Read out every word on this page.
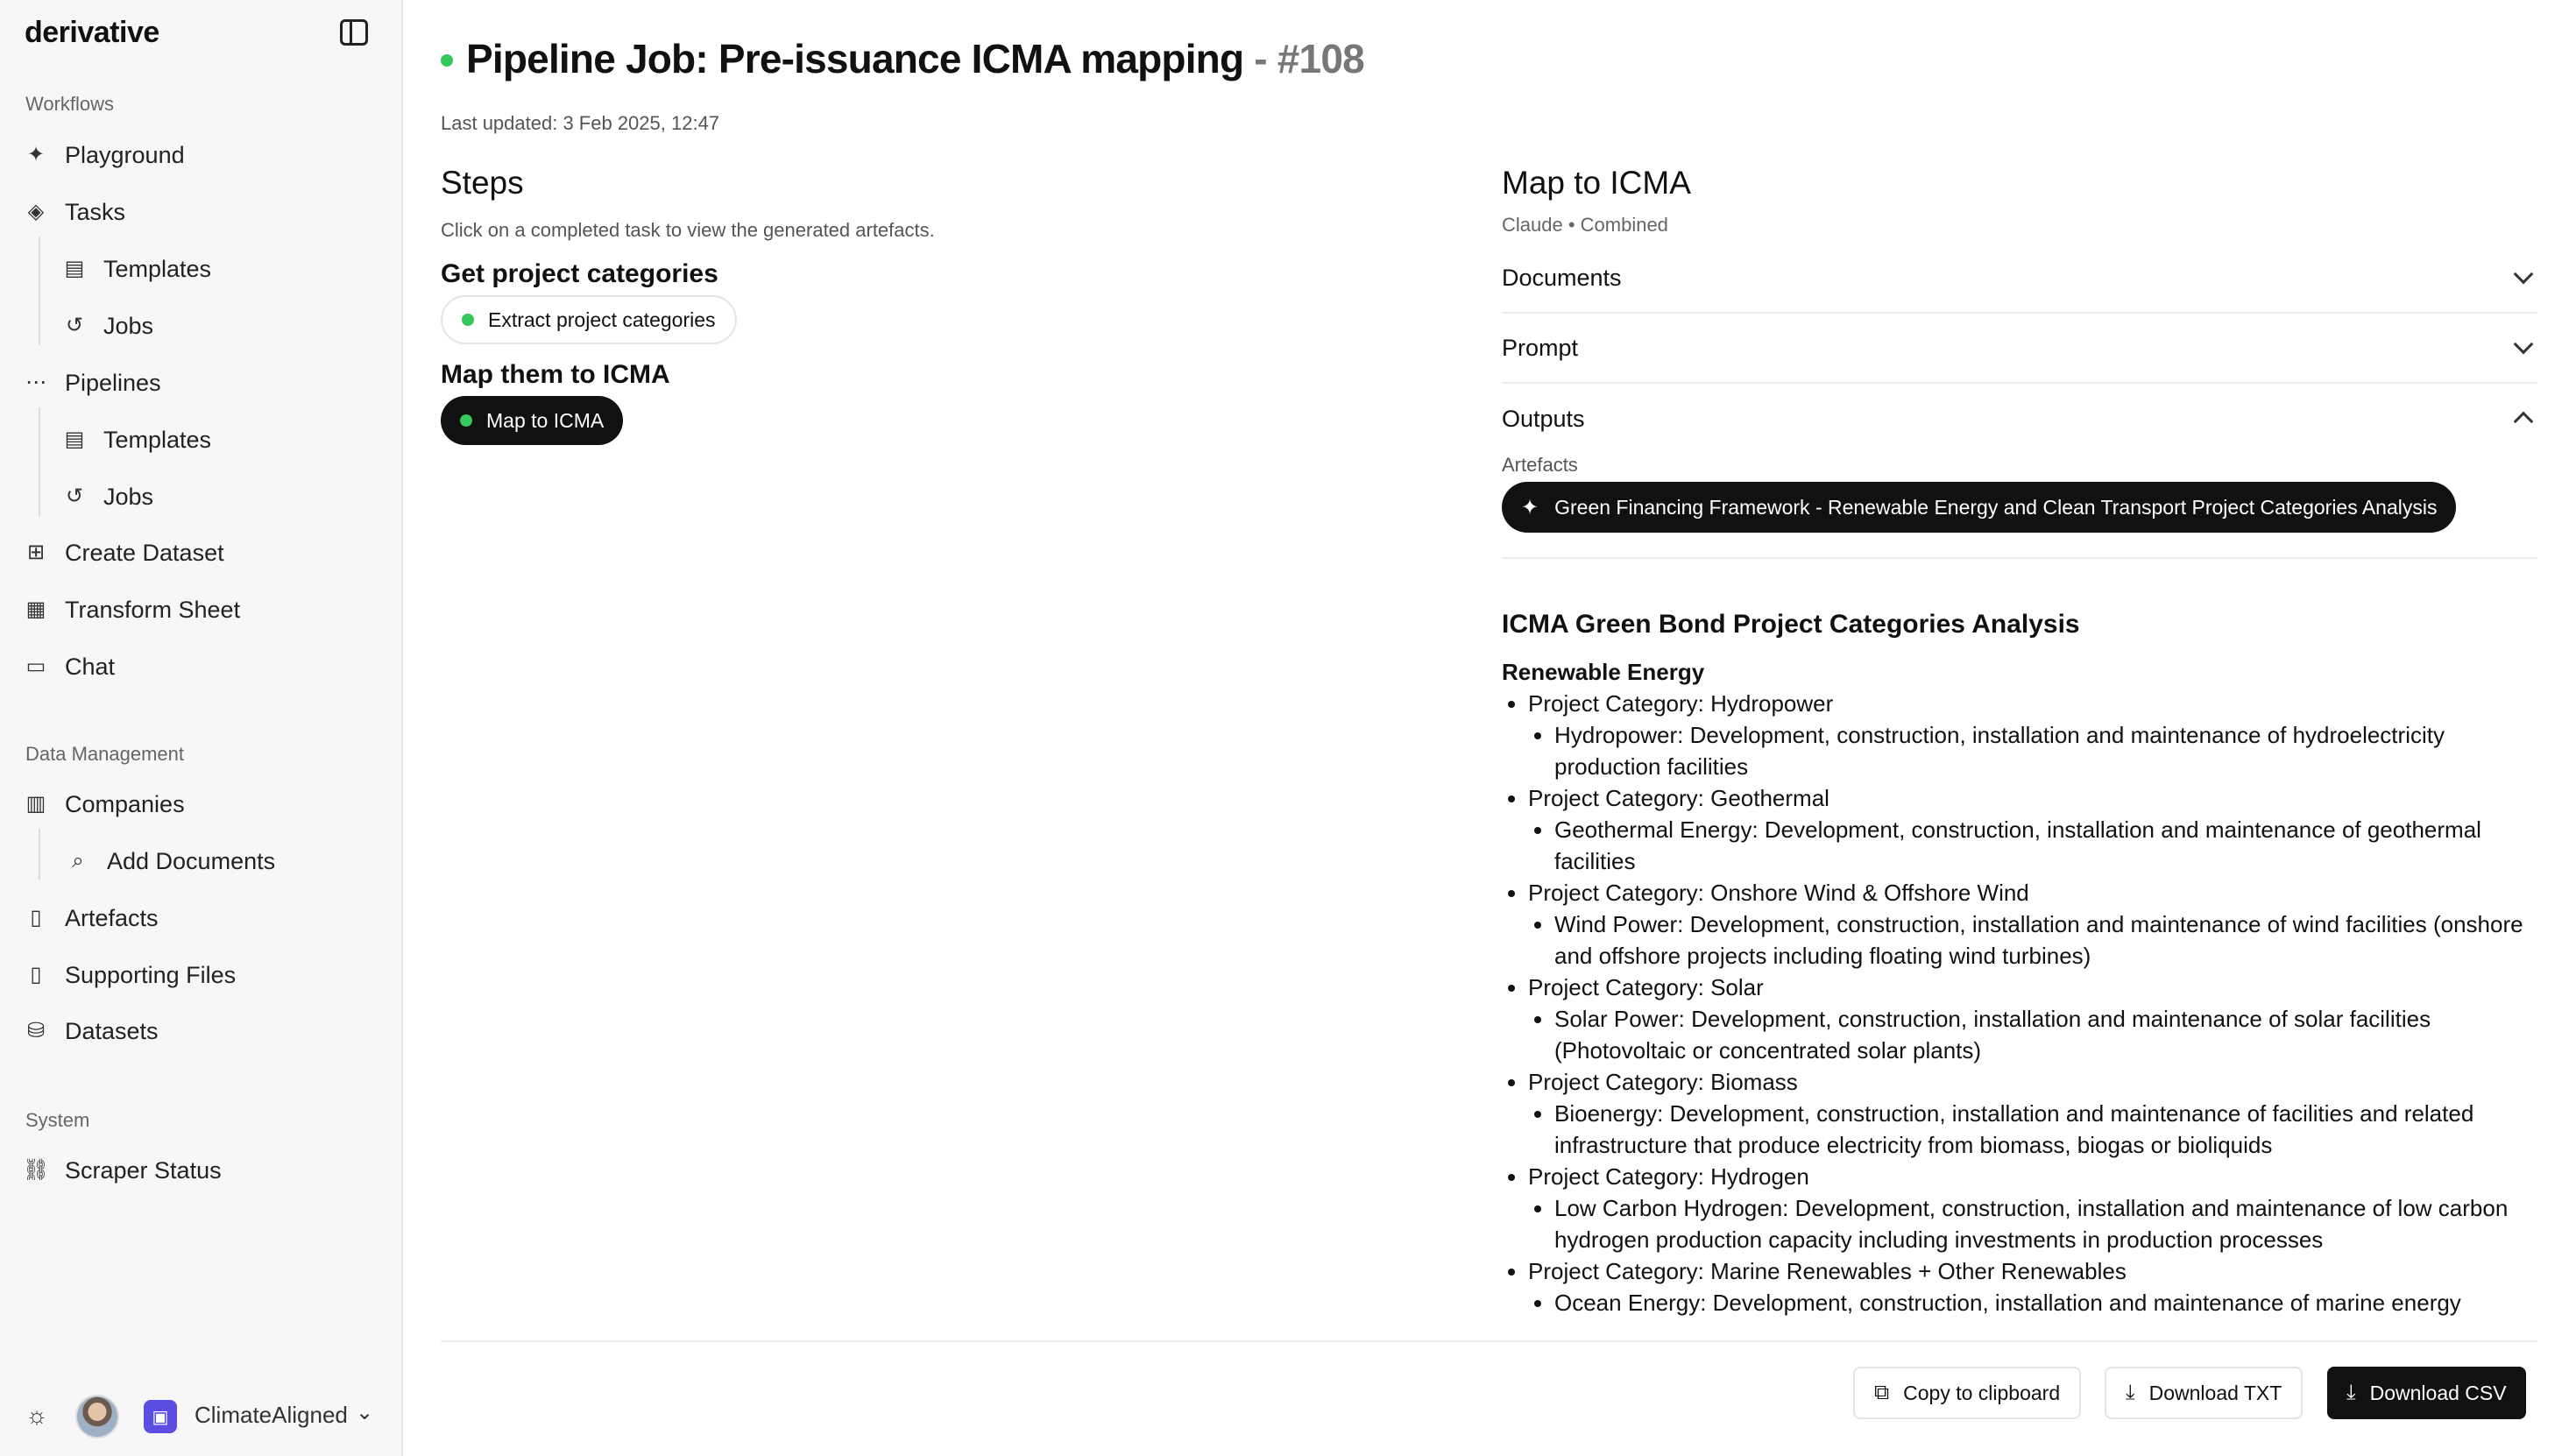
derivative
Workflows
✦ Playground
◈ Tasks
▤ Templates
↺ Jobs
⋯ Pipelines
▤ Templates
↺ Jobs
⊞ Create Dataset
▦ Transform Sheet
▭ Chat
Data Management
▥ Companies
⌕ Add Documents
▯ Artefacts
▯ Supporting Files
⛁ Datasets
System
⛓ Scraper Status
☼	▣	ClimateAligned ⌄
Pipeline Job: Pre-issuance ICMA mapping - #108
Last updated: 3 Feb 2025, 12:47
Steps
Click on a completed task to view the generated artefacts.
Get project categories
Extract project categories
Map them to ICMA
Map to ICMA
Map to ICMA
Claude • Combined
Documents
Prompt
Outputs
Artefacts
✦ Green Financing Framework - Renewable Energy and Clean Transport Project Categories Analysis
ICMA Green Bond Project Categories Analysis
Renewable Energy
• Project Category: Hydropower
• Hydropower: Development, construction, installation and maintenance of hydroelectricity production facilities
• Project Category: Geothermal
• Geothermal Energy: Development, construction, installation and maintenance of geothermal facilities
• Project Category: Onshore Wind & Offshore Wind
• Wind Power: Development, construction, installation and maintenance of wind facilities (onshore and offshore projects including floating wind turbines)
• Project Category: Solar
• Solar Power: Development, construction, installation and maintenance of solar facilities (Photovoltaic or concentrated solar plants)
• Project Category: Biomass
• Bioenergy: Development, construction, installation and maintenance of facilities and related infrastructure that produce electricity from biomass, biogas or bioliquids
• Project Category: Hydrogen
• Low Carbon Hydrogen: Development, construction, installation and maintenance of low carbon hydrogen production capacity including investments in production processes
• Project Category: Marine Renewables + Other Renewables
• Ocean Energy: Development, construction, installation and maintenance of marine energy
⧉ Copy to clipboard	⤓ Download TXT	⤓ Download CSV
